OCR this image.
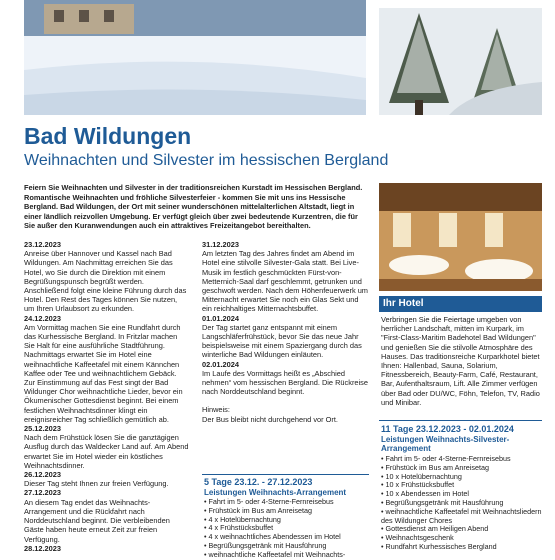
Bad Wildungen
Weihnachten und Silvester im hessischen Bergland
Feiern Sie Weihnachten und Silvester in der traditionsreichen Kurstadt im Hessischen Bergland. Romantische Weihnachten und fröhliche Silvesterfeier - kommen Sie mit uns ins Hessische Bergland. Bad Wildungen, der Ort mit seiner wunderschönen mittelalterlichen Altstadt, liegt in einer ländlich reizvollen Umgebung. Er verfügt gleich über zwei bedeutende Kurzentren, die für Sie außer den Kuranwendungen auch ein attraktives Freizeitangebot bereithalten.

23.12.2023

Anreise über Hannover und Kassel nach Bad Wildungen. Am Nachmittag erreichen Sie das Hotel, wo Sie durch die Direktion mit einem Begrüßungspunsch begrüßt werden. Anschließend folgt eine kleine Führung durch das Hotel. Den Rest des Tages können Sie nutzen, um Ihren Urlaubsort zu erkunden.

24.12.2023

Am Vormittag machen Sie eine Rundfahrt durch das Kurhessische Bergland. In Fritzlar machen Sie Halt für eine ausführliche Stadtführung. Nachmittags erwartet Sie im Hotel eine weihnachtliche Kaffeetafel mit einem Kännchen Kaffee oder Tee und weihnachtlichem Gebäck. Zur Einstimmung auf das Fest singt der Bad Wildunger Chor weihnachtliche Lieder, bevor ein Ökumenischer Gottesdienst beginnt. Bei einem festlichen Weihnachtsdinner klingt ein ereignisreicher Tag schließlich gemütlich ab.

25.12.2023

Nach dem Frühstück lösen Sie die ganztägigen Ausflug durch das Waldecker Land auf. Am Abend erwartet Sie im Hotel wieder ein köstliches Weihnachtsdinner.

26.12.2023

Dieser Tag steht Ihnen zur freien Verfügung.

27.12.2023

An diesem Tag endet das Weihnachts-Arrangement und die Rückfahrt nach Norddeutschland beginnt. Die verbleibenden Gäste haben heute erneut Zeit zur freien Verfügung.

28.12.2023

31.12.2023

Am letzten Tag des Jahres findet am Abend im Hotel eine stilvolle Silvester-Gala statt. Bei Live-Musik im festlich geschmückten Fürst-von-Metternich-Saal darf geschlemmt, getrunken und geschwoft werden. Nach dem Höhenfeuerwerk um Mitternacht erwartet Sie noch ein Glas Sekt und ein reichhaltiges Mitternachtsbuffet.

01.01.2024

Der Tag startet ganz entspannt mit einem Langschläferfrühstück, bevor Sie das neue Jahr beispielsweise mit einem Spaziergang durch das winterliche Bad Wildungen einläuten.

02.01.2024

Im Laufe des Vormittags heißt es „Abschied nehmen“ vom hessischen Bergland. Die Rückreise nach Norddeutschland beginnt.

Hinweis:

Der Bus bleibt nicht durchgehend vor Ort.

Ihr Hotel
Verbringen Sie die Feiertage umgeben von herrlicher Landschaft, mitten im Kurpark, im "First-Class-Maritim Badehotel Bad Wildungen" und genießen Sie die stilvolle Atmosphäre des Hauses. Das traditionsreiche Kurparkhotel bietet Ihnen: Hallenbad, Sauna, Solarium, Fitnessbereich, Beauty-Farm, Café, Restaurant, Bar, Aufenthaltsraum, Lift. Alle Zimmer verfügen über Bad oder DU/WC, Föhn, Telefon, TV, Radio und Minibar.
11 Tage 23.12.2023 - 02.01.2024
Leistungen Weihnachts-Silvester-Arrangement
• Fahrt im 5- oder 4-Sterne-Fernreisebus
• Frühstück im Bus am Anreisetag
• 10 x Hotelübernachtung
• 10 x Frühstücksbuffet
• 10 x Abendessen im Hotel
• Begrüßungsgetränk mit Hausführung
• weihnachtliche Kaffeetafel mit Weihnachtsliedern des Wildunger Chores
• Gottesdienst am Heiligen Abend
• Weihnachtsgeschenk
• Rundfahrt Kurhessisches Bergland
5 Tage 23.12. - 27.12.2023
Leistungen Weihnachts-Arrangement
• Fahrt im 5- oder 4-Sterne-Fernreisebus
• Frühstück im Bus am Anreisetag
• 4 x Hotelübernachtung
• 4 x Frühstücksbuffet
• 4 x weihnachtliches Abendessen im Hotel
• Begrüßungsgetränk mit Hausführung
• weihnachtliche Kaffeetafel mit Weihnachts-
